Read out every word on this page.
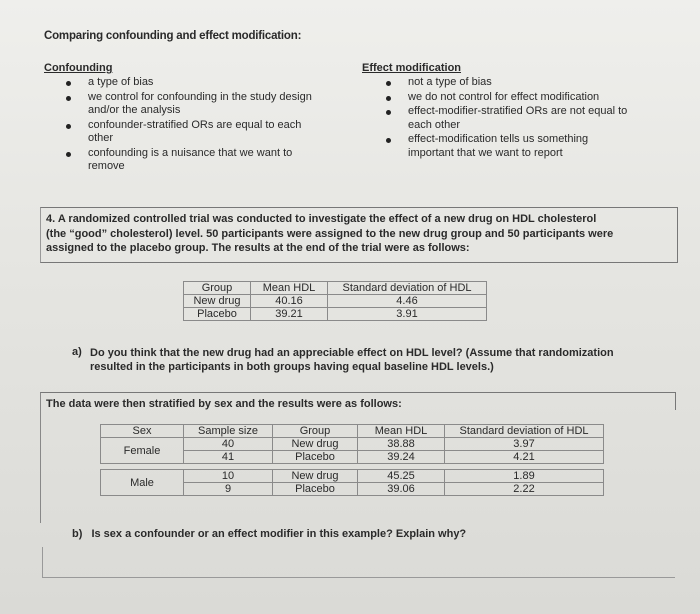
Comparing confounding and effect modification:
Confounding
a type of bias
we control for confounding in the study design
and/or the analysis
confounder-stratified ORs are equal to each
other
confounding is a nuisance that we want to
remove
Effect modification
not a type of bias
we do not control for effect modification
effect-modifier-stratified ORs are not equal to
each other
effect-modification tells us something
important that we want to report
4. A randomized controlled trial was conducted to investigate the effect of a new drug on HDL cholesterol
(the “good” cholesterol) level. 50 participants were assigned to the new drug group and 50 participants were
assigned to the placebo group. The results at the end of the trial were as follows:
Group	Mean HDL	Standard deviation of HDL
New drug	40.16	4.46
Placebo	39.21	3.91
a) Do you think that the new drug had an appreciable effect on HDL level? (Assume that randomization
resulted in the participants in both groups having equal baseline HDL levels.)
The data were then stratified by sex and the results were as follows:
Sex	Sample size	Group	Mean HDL	Standard deviation of HDL
Female	40	New drug	38.88	3.97
	41	Placebo	39.24	4.21

Male	10	New drug	45.25	1.89
	9	Placebo	39.06	2.22
b) Is sex a confounder or an effect modifier in this example? Explain why?
